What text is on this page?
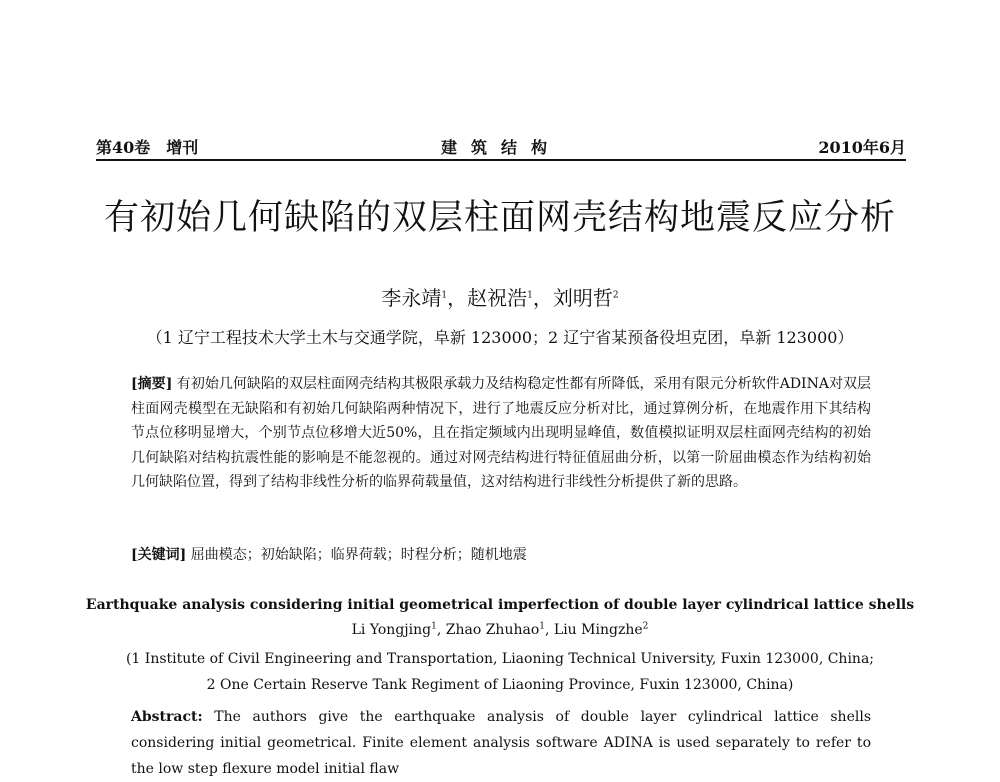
第40卷　增刊	建筑结构	2010年6月
有初始几何缺陷的双层柱面网壳结构地震反应分析
李永靖$^1$，赵祝浩$^1$，刘明哲$^2$
（1 辽宁工程技术大学土木与交通学院，阜新 123000；2 辽宁省某预备役坦克团，阜新 123000）

[摘要] 有初始几何缺陷的双层柱面网壳结构其极限承载力及结构稳定性都有所降低，采用有限元分析软件ADINA对双层柱面网壳模型在无缺陷和有初始几何缺陷两种情况下，进行了地震反应分析对比，通过算例分析，在地震作用下其结构节点位移明显增大，个别节点位移增大近50%，且在指定频域内出现明显峰值，数值模拟证明双层柱面网壳结构的初始几何缺陷对结构抗震性能的影响是不能忽视的。通过对网壳结构进行特征值屈曲分析，以第一阶屈曲模态作为结构初始几何缺陷位置，得到了结构非线性分析的临界荷载量值，这对结构进行非线性分析提供了新的思路。

[关键词] 屈曲模态；初始缺陷；临界荷载；时程分析；随机地震
Earthquake analysis considering initial geometrical imperfection of double layer cylindrical lattice shells
Li Yongjing$^1$, Zhao Zhuhao$^1$, Liu Mingzhe$^2$
(1 Institute of Civil Engineering and Transportation, Liaoning Technical University, Fuxin 123000, China;
2 One Certain Reserve Tank Regiment of Liaoning Province, Fuxin 123000, China)

Abstract: The authors give the earthquake analysis of double layer cylindrical lattice shells considering initial geometrical. Finite element analysis software ADINA is used separately to refer to the low step flexure model initial flaw
